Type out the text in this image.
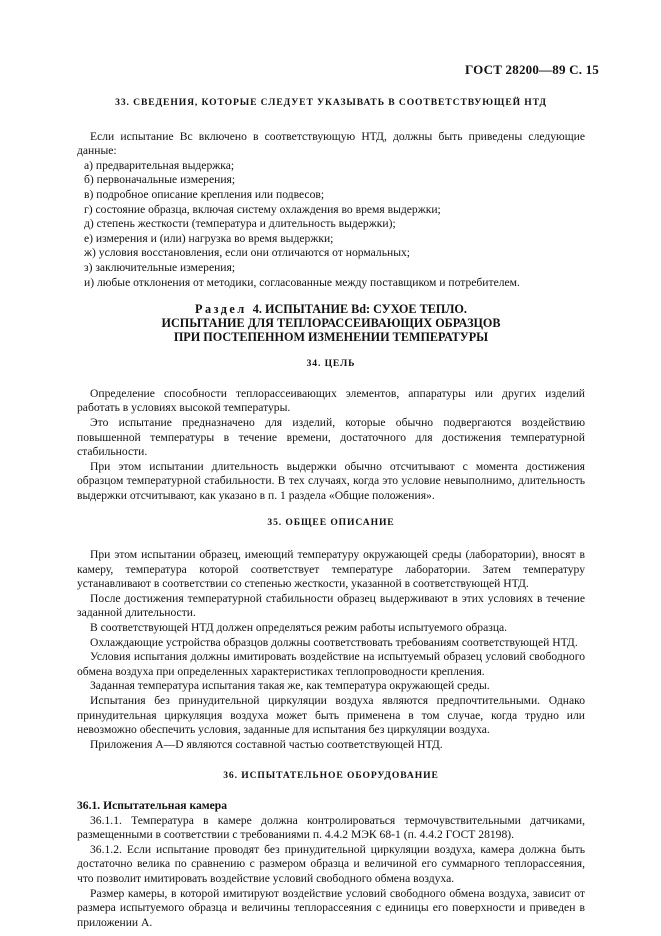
ГОСТ 28200—89 С. 15

33. СВЕДЕНИЯ, КОТОРЫЕ СЛЕДУЕТ УКАЗЫВАТЬ В СООТВЕТСТВУЮЩЕЙ НТД

Если испытание Вс включено в соответствующую НТД, должны быть приведены следующие данные:

а) предварительная выдержка;

б) первоначальные измерения;

в) подробное описание крепления или подвесов;

г) состояние образца, включая систему охлаждения во время выдержки;

д) степень жесткости (температура и длительность выдержки);

е) измерения и (или) нагрузка во время выдержки;

ж) условия восстановления, если они отличаются от нормальных;

з) заключительные измерения;

и) любые отклонения от методики, согласованные между поставщиком и потребителем.

Раздел 4. ИСПЫТАНИЕ Bd: СУХОЕ ТЕПЛО.

ИСПЫТАНИЕ ДЛЯ ТЕПЛОРАССЕИВАЮЩИХ ОБРАЗЦОВ

ПРИ ПОСТЕПЕННОМ ИЗМЕНЕНИИ ТЕМПЕРАТУРЫ

34. ЦЕЛЬ

Определение способности теплорассеивающих элементов, аппаратуры или других изделий работать в условиях высокой температуры.

Это испытание предназначено для изделий, которые обычно подвергаются воздействию повышенной температуры в течение времени, достаточного для достижения температурной стабильности.

При этом испытании длительность выдержки обычно отсчитывают с момента достижения образцом температурной стабильности. В тех случаях, когда это условие невыполнимо, длительность выдержки отсчитывают, как указано в п. 1 раздела «Общие положения».

35. ОБЩЕЕ ОПИСАНИЕ

При этом испытании образец, имеющий температуру окружающей среды (лаборатории), вносят в камеру, температура которой соответствует температуре лаборатории. Затем температуру устанавливают в соответствии со степенью жесткости, указанной в соответствующей НТД.

После достижения температурной стабильности образец выдерживают в этих условиях в течение заданной длительности.

В соответствующей НТД должен определяться режим работы испытуемого образца.

Охлаждающие устройства образцов должны соответствовать требованиям соответствующей НТД.

Условия испытания должны имитировать воздействие на испытуемый образец условий свободного обмена воздуха при определенных характеристиках теплопроводности крепления.

Заданная температура испытания такая же, как температура окружающей среды.

Испытания без принудительной циркуляции воздуха являются предпочтительными. Однако принудительная циркуляция воздуха может быть применена в том случае, когда трудно или невозможно обеспечить условия, заданные для испытания без циркуляции воздуха.

Приложения A—D являются составной частью соответствующей НТД.

36. ИСПЫТАТЕЛЬНОЕ ОБОРУДОВАНИЕ

36.1. Испытательная камера

36.1.1. Температура в камере должна контролироваться термочувствительными датчиками, размещенными в соответствии с требованиями п. 4.4.2 МЭК 68-1 (п. 4.4.2 ГОСТ 28198).

36.1.2. Если испытание проводят без принудительной циркуляции воздуха, камера должна быть достаточно велика по сравнению с размером образца и величиной его суммарного теплорассеяния, что позволит имитировать воздействие условий свободного обмена воздуха.

Размер камеры, в которой имитируют воздействие условий свободного обмена воздуха, зависит от размера испытуемого образца и величины теплорассеяния с единицы его поверхности и приведен в приложении А.
